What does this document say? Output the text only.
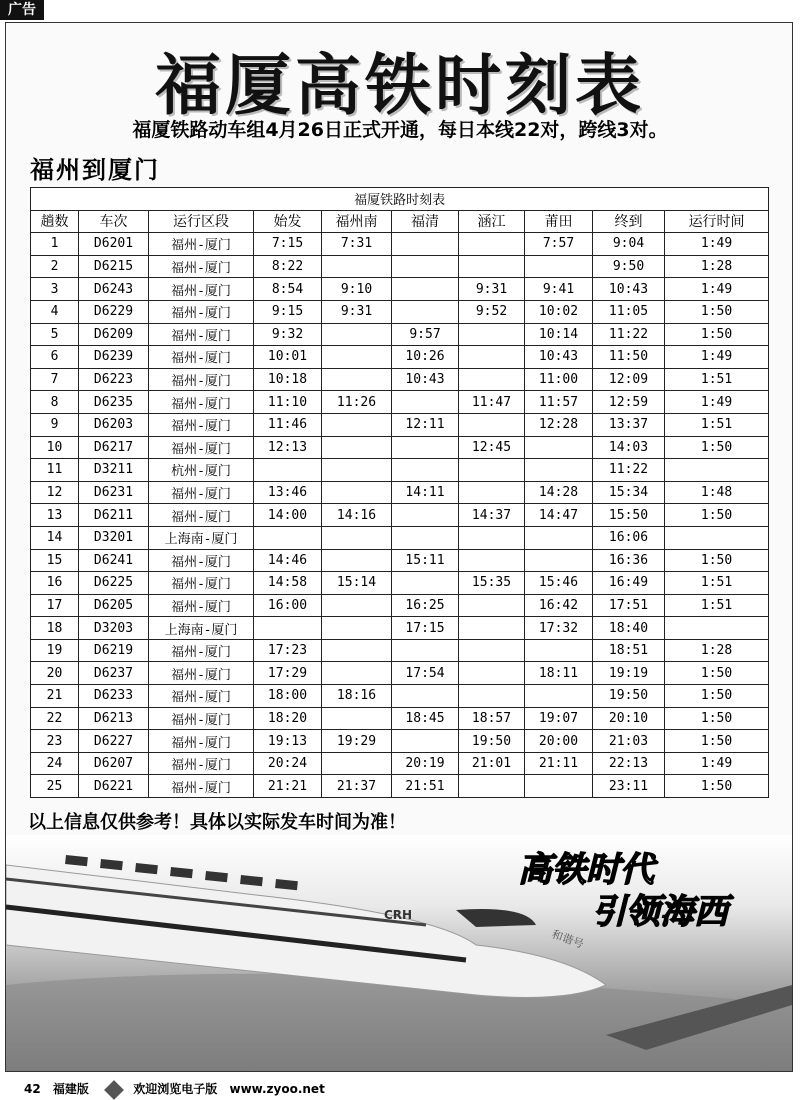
广告
福厦高铁时刻表
福厦铁路动车组4月26日正式开通，每日本线22对，跨线3对。
福州到厦门
福厦铁路时刻表									
趟数	车次	运行区段	始发	福州南	福清	涵江	莆田	终到	运行时间
1	D6201	福州-厦门	7:15	7:31			7:57	9:04	1:49
2	D6215	福州-厦门	8:22					9:50	1:28
3	D6243	福州-厦门	8:54	9:10		9:31	9:41	10:43	1:49
4	D6229	福州-厦门	9:15	9:31		9:52	10:02	11:05	1:50
5	D6209	福州-厦门	9:32		9:57		10:14	11:22	1:50
6	D6239	福州-厦门	10:01		10:26		10:43	11:50	1:49
7	D6223	福州-厦门	10:18		10:43		11:00	12:09	1:51
8	D6235	福州-厦门	11:10	11:26		11:47	11:57	12:59	1:49
9	D6203	福州-厦门	11:46		12:11		12:28	13:37	1:51
10	D6217	福州-厦门	12:13			12:45		14:03	1:50
11	D3211	杭州-厦门						11:22	
12	D6231	福州-厦门	13:46		14:11		14:28	15:34	1:48
13	D6211	福州-厦门	14:00	14:16		14:37	14:47	15:50	1:50
14	D3201	上海南-厦门						16:06	
15	D6241	福州-厦门	14:46		15:11			16:36	1:50
16	D6225	福州-厦门	14:58	15:14		15:35	15:46	16:49	1:51
17	D6205	福州-厦门	16:00		16:25		16:42	17:51	1:51
18	D3203	上海南-厦门			17:15		17:32	18:40	
19	D6219	福州-厦门	17:23					18:51	1:28
20	D6237	福州-厦门	17:29		17:54		18:11	19:19	1:50
21	D6233	福州-厦门	18:00	18:16				19:50	1:50
22	D6213	福州-厦门	18:20		18:45	18:57	19:07	20:10	1:50
23	D6227	福州-厦门	19:13	19:29		19:50	20:00	21:03	1:50
24	D6207	福州-厦门	20:24		20:19	21:01	21:11	22:13	1:49
25	D6221	福州-厦门	21:21	21:37	21:51			23:11	1:50
以上信息仅供参考！具体以实际发车时间为准！
CRH
和谐号
高铁时代
引领海西
42 福建版	欢迎浏览电子版 www.zyoo.net
